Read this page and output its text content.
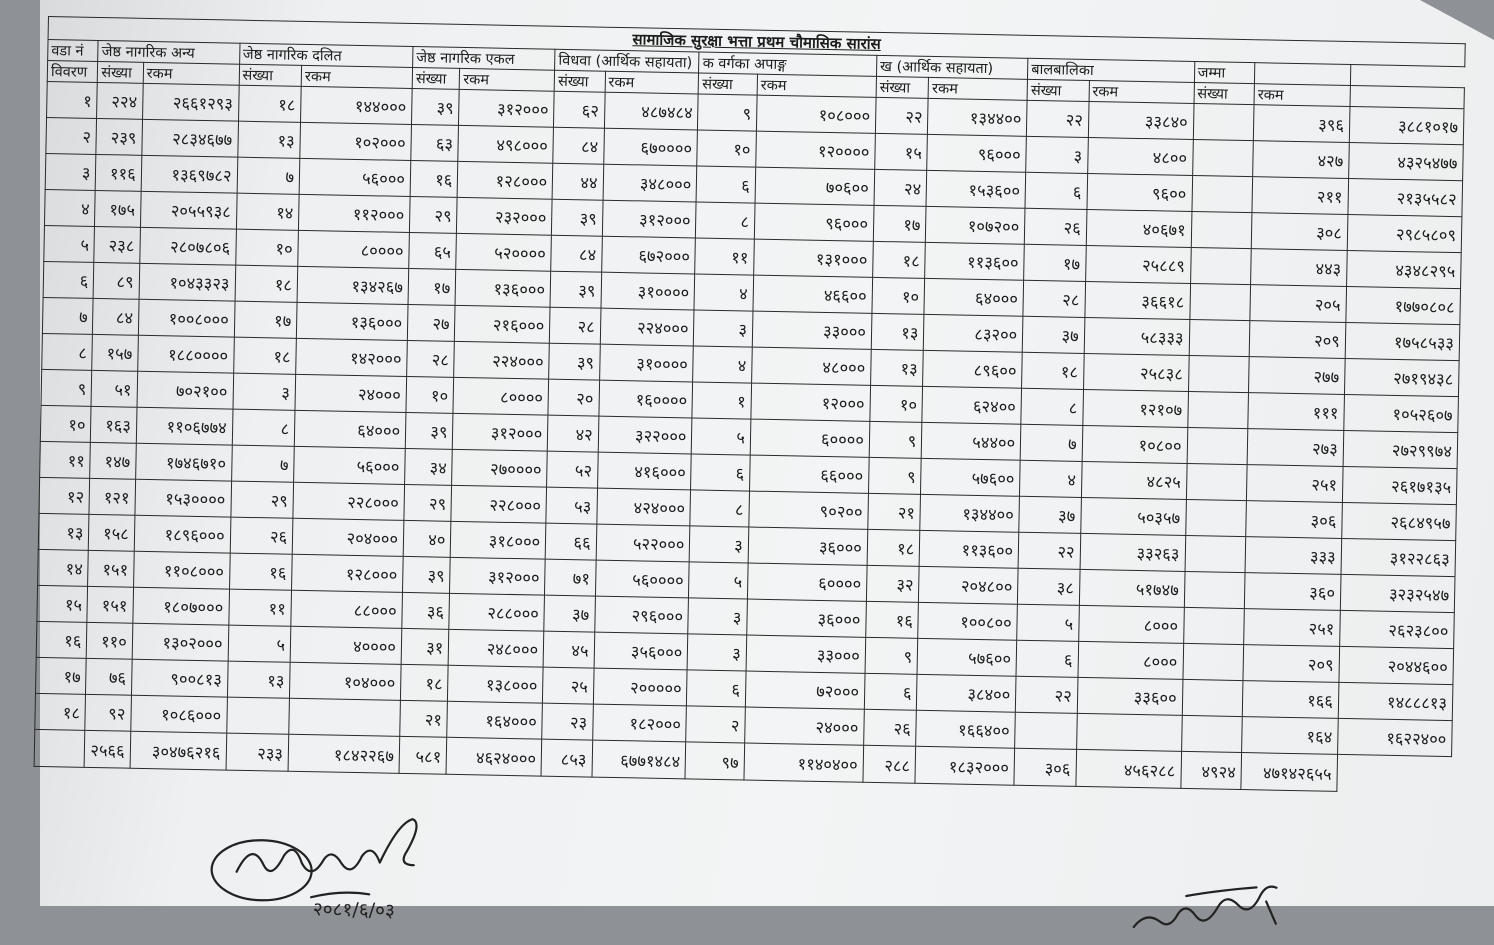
सामाजिक सुरक्षा भत्ता प्रथम चौमासिक सारांस																	
वडा नं	जेष्ठ नागरिक अन्य		जेष्ठ नागरिक दलित		जेष्ठ नागरिक एकल		विधवा (आर्थिक सहायता)		क वर्गका अपाङ्ग		ख (आर्थिक सहायता)		बालबालिका		जम्मा		
विवरण	संख्या	रकम	संख्या	रकम	संख्या	रकम	संख्या	रकम	संख्या	रकम	संख्या	रकम	संख्या	रकम	संख्या	रकम	
१	२२४	२६६१२९३	१८	१४४०००	३९	३१२०००	६२	४८७४८४	९	१०८०००	२२	१३४४००	२२	३३८४०		३९६	३८८१०१७
२	२३९	२८३४६७७	१३	१०२०००	६३	४९८०००	८४	६७००००	१०	१२००००	१५	९६०००	३	४८००		४२७	४३२५४७७
३	११६	१३६९७८२	७	५६०००	१६	१२८०००	४४	३४८०००	६	७०६००	२४	१५३६००	६	९६००		२११	२१३५५८२
४	१७५	२०५५९३८	१४	११२०००	२९	२३२०००	३९	३१२०००	८	९६०००	१७	१०७२००	२६	४०६७१		३०८	२९८५८०९
५	२३८	२८०७८०६	१०	८००००	६५	५२००००	८४	६७२०००	११	१३१०००	१८	११३६००	१७	२५८८९		४४३	४३४८२९५
६	८९	१०४३३२३	१८	१३४२६७	१७	१३६०००	३९	३१००००	४	४६६००	१०	६४०००	२८	३६६१८		२०५	१७७०८०८
७	८४	१००८०००	१७	१३६०००	२७	२१६०००	२८	२२४०००	३	३३०००	१३	८३२००	३७	५८३३३		२०९	१७५८५३३
८	१५७	१८८००००	१८	१४२०००	२८	२२४०००	३९	३१००००	४	४८०००	१३	८९६००	१८	२५८३८		२७७	२७१९४३८
९	५१	७०२१००	३	२४०००	१०	८००००	२०	१६००००	१	१२०००	१०	६२४००	८	१२१०७		१११	१०५२६०७
१०	१६३	११०६७७४	८	६४०००	३९	३१२०००	४२	३२२०००	५	६००००	९	५४४००	७	१०८००		२७३	२७२९९७४
११	१४७	१७४६७१०	७	५६०००	३४	२७००००	५२	४१६०००	६	६६०००	९	५७६००	४	४८२५		२५१	२६१७१३५
१२	१२१	१५३००००	२९	२२८०००	२९	२२८०००	५३	४२४०००	८	९०२००	२१	१३४४००	३७	५०३५७		३०६	२६८४९५७
१३	१५८	१८९६०००	२६	२०४०००	४०	३१८०००	६६	५२२०००	३	३६०००	१८	११३६००	२२	३३२६३		३३३	३१२२८६३
१४	१५१	११०८०००	१६	१२८०००	३९	३१२०००	७१	५६००००	५	६००००	३२	२०४८००	३८	५१७४७		३६०	३२३२५४७
१५	१५१	१८०७०००	११	८८०००	३६	२८८०००	३७	२९६०००	३	३६०००	१६	१००८००	५	८०००		२५१	२६२३८००
१६	११०	१३०२०००	५	४००००	३१	२४८०००	४५	३५६०००	३	३३०००	९	५७६००	६	८०००		२०९	२०४४६००
१७	७६	९००८१३	१३	१०४०००	१८	१३८०००	२५	२०००००	६	७२०००	६	३८४००	२२	३३६००		१६६	१४८८८१३
१८	९२	१०८६०००			२१	१६४०००	२३	१८२०००	२	२४०००	२६	१६६४००				१६४	१६२२४००
	२५६६	३०४७६२१६	२३३	१८४२२६७	५८१	४६२४०००	८५३	६७७१४८४	९७	११४०४००	२८८	१८३२०००	३०६	४५६२८८	४९२४	४७१४२६५५	
२०८१/६/०३
